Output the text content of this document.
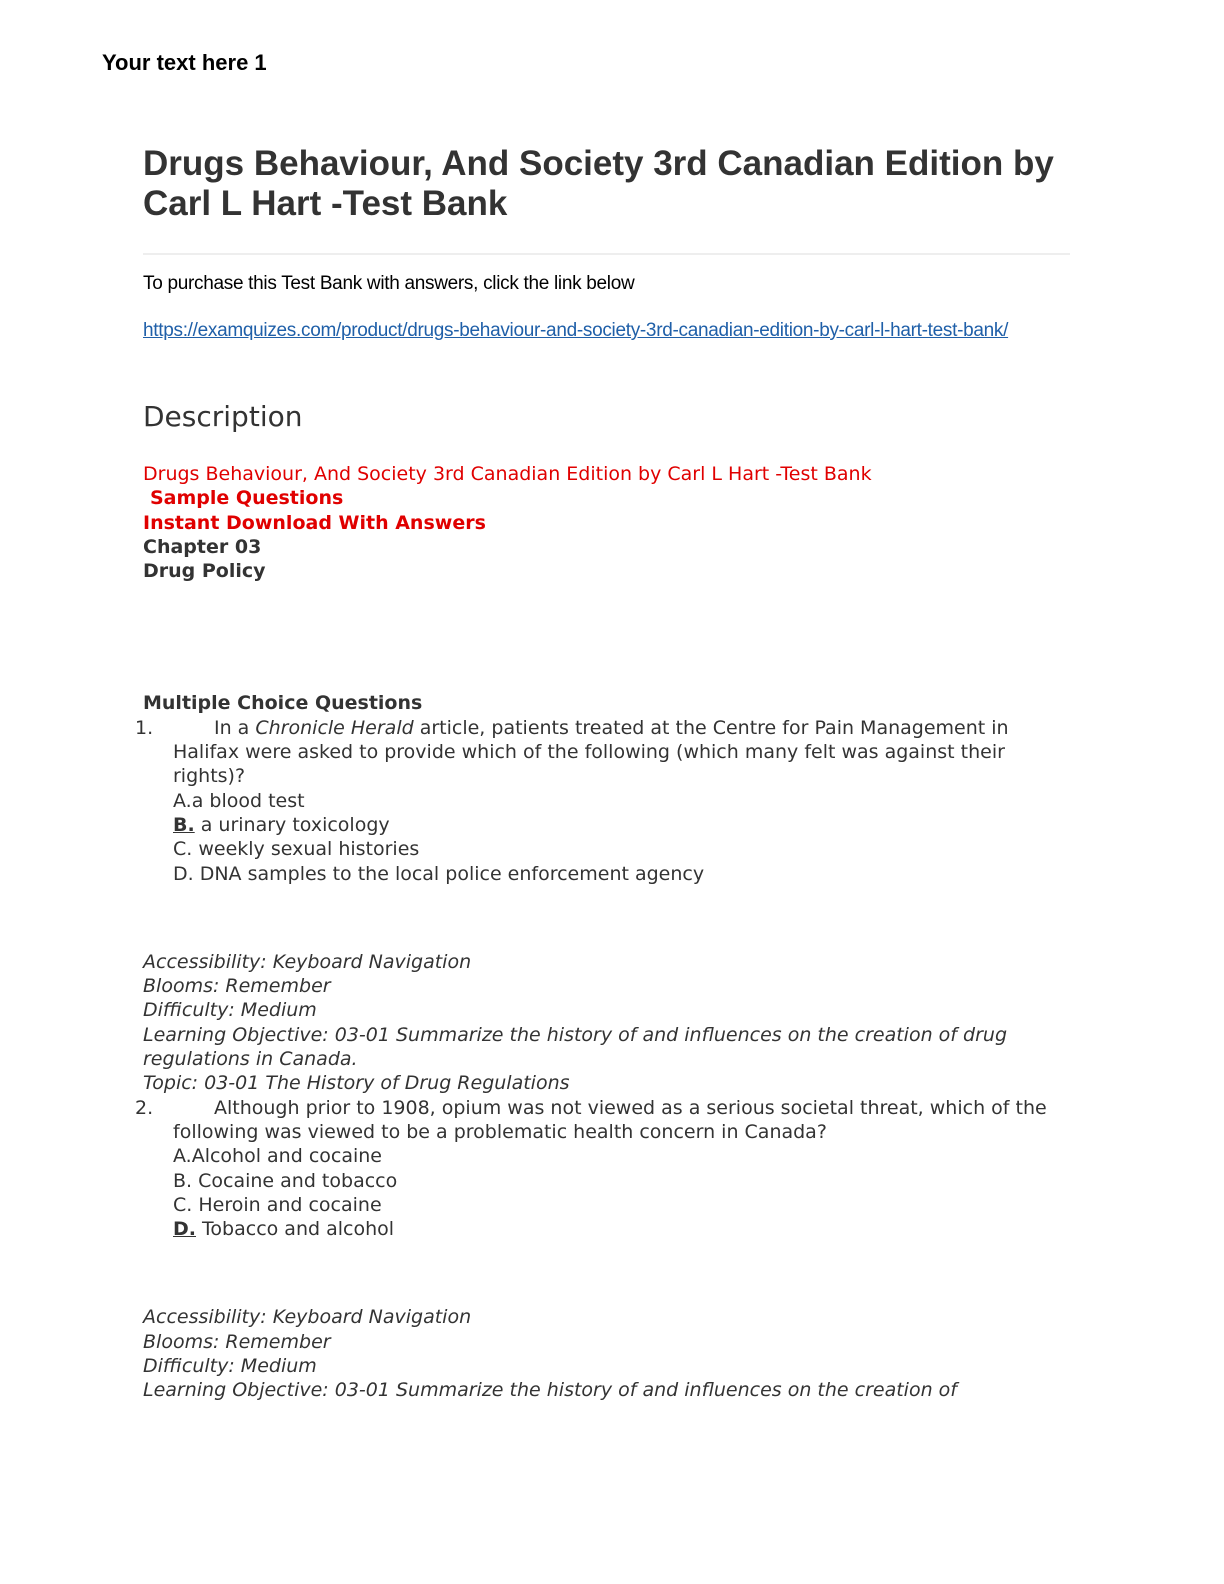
Your text here 1
Drugs Behaviour, And Society 3rd Canadian Edition by Carl L Hart -Test Bank
To purchase this Test Bank with answers, click the link below
https://examquizes.com/product/drugs-behaviour-and-society-3rd-canadian-edition-by-carl-l-hart-test-bank/
Description
Drugs Behaviour, And Society 3rd Canadian Edition by Carl L Hart -Test Bank
Sample Questions
Instant Download With Answers
Chapter 03
Drug Policy
Multiple Choice Questions
1.	In a Chronicle Herald article, patients treated at the Centre for Pain Management in Halifax were asked to provide which of the following (which many felt was against their rights)?
A.a blood test
B. a urinary toxicology
C. weekly sexual histories
D. DNA samples to the local police enforcement agency
Accessibility: Keyboard Navigation
Blooms: Remember
Difficulty: Medium
Learning Objective: 03-01 Summarize the history of and influences on the creation of drug regulations in Canada.
Topic: 03-01 The History of Drug Regulations
2.	Although prior to 1908, opium was not viewed as a serious societal threat, which of the following was viewed to be a problematic health concern in Canada?
A.Alcohol and cocaine
B. Cocaine and tobacco
C. Heroin and cocaine
D. Tobacco and alcohol
Accessibility: Keyboard Navigation
Blooms: Remember
Difficulty: Medium
Learning Objective: 03-01 Summarize the history of and influences on the creation of
